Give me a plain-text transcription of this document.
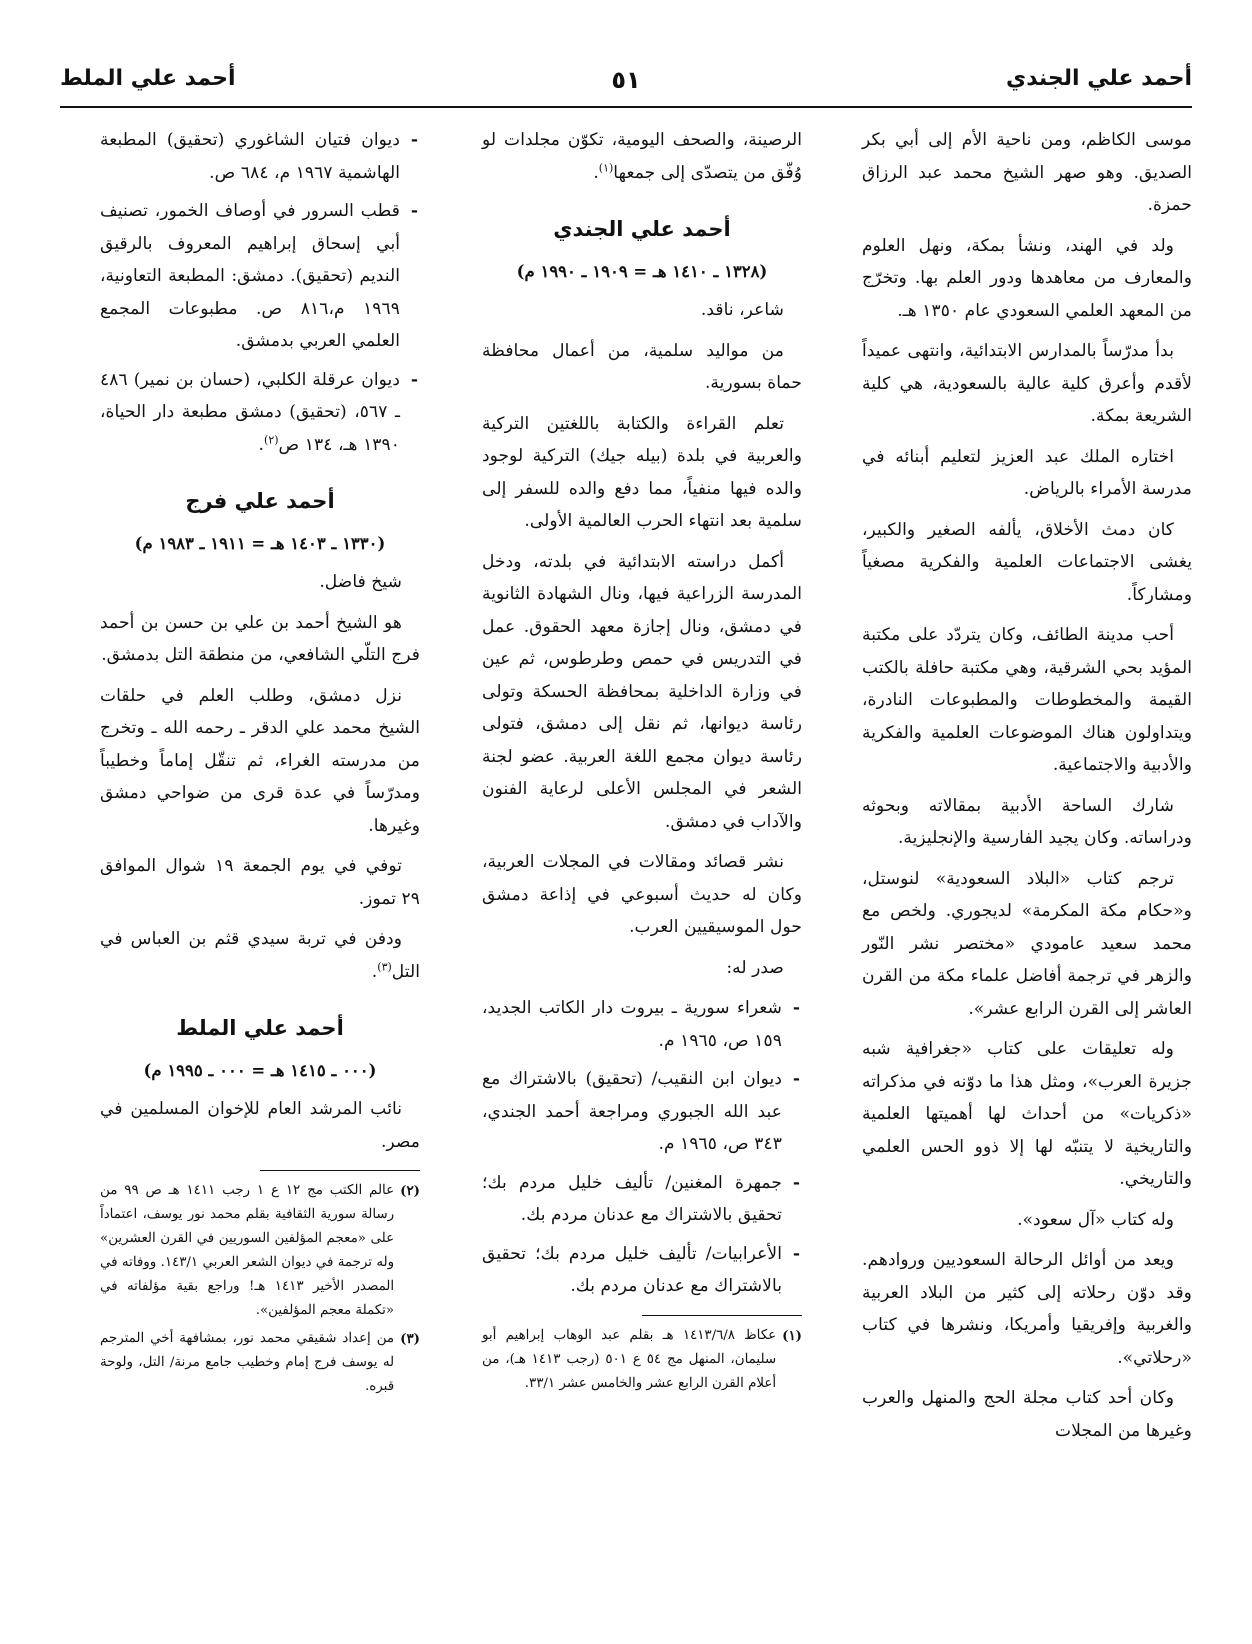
أحمد علي الجندي
٥١
أحمد علي الملط

موسى الكاظم، ومن ناحية الأم إلى أبي بكر الصديق. وهو صهر الشيخ محمد عبد الرزاق حمزة.

ولد في الهند، ونشأ بمكة، ونهل العلوم والمعارف من معاهدها ودور العلم بها. وتخرّج من المعهد العلمي السعودي عام ١٣٥٠ هـ.

بدأ مدرّساً بالمدارس الابتدائية، وانتهى عميداً لأقدم وأعرق كلية عالية بالسعودية، هي كلية الشريعة بمكة.

اختاره الملك عبد العزيز لتعليم أبنائه في مدرسة الأمراء بالرياض.

كان دمث الأخلاق، يألفه الصغير والكبير، يغشى الاجتماعات العلمية والفكرية مصغياً ومشاركاً.

أحب مدينة الطائف، وكان يتردّد على مكتبة المؤيد بحي الشرقية، وهي مكتبة حافلة بالكتب القيمة والمخطوطات والمطبوعات النادرة، ويتداولون هناك الموضوعات العلمية والفكرية والأدبية والاجتماعية.

شارك الساحة الأدبية بمقالاته وبحوثه ودراساته. وكان يجيد الفارسية والإنجليزية.

ترجم كتاب «البلاد السعودية» لنوستل، و«حكام مكة المكرمة» لديجوري. ولخص مع محمد سعيد عامودي «مختصر نشر النّور والزهر في ترجمة أفاضل علماء مكة من القرن العاشر إلى القرن الرابع عشر».

وله تعليقات على كتاب «جغرافية شبه جزيرة العرب»، ومثل هذا ما دوّنه في مذكراته «ذكريات» من أحداث لها أهميتها العلمية والتاريخية لا يتنبّه لها إلا ذوو الحس العلمي والتاريخي.

وله كتاب «آل سعود».

ويعد من أوائل الرحالة السعوديين وروادهم. وقد دوّن رحلاته إلى كثير من البلاد العربية والغربية وإفريقيا وأمريكا، ونشرها في كتاب «رحلاتي».

وكان أحد كتاب مجلة الحج والمنهل والعرب وغيرها من المجلات

الرصينة، والصحف اليومية، تكوّن مجلدات لو وُفّق من يتصدّى إلى جمعها$^{(١)}$.

أحمد علي الجندي
(١٣٢٨ ـ ١٤١٠ هـ = ١٩٠٩ ـ ١٩٩٠ م)

شاعر، ناقد.

من مواليد سلمية، من أعمال محافظة حماة بسورية.

تعلم القراءة والكتابة باللغتين التركية والعربية في بلدة (بيله جيك) التركية لوجود والده فيها منفياً، مما دفع والده للسفر إلى سلمية بعد انتهاء الحرب العالمية الأولى.

أكمل دراسته الابتدائية في بلدته، ودخل المدرسة الزراعية فيها، ونال الشهادة الثانوية في دمشق، ونال إجازة معهد الحقوق. عمل في التدريس في حمص وطرطوس، ثم عين في وزارة الداخلية بمحافظة الحسكة وتولى رئاسة ديوانها، ثم نقل إلى دمشق، فتولى رئاسة ديوان مجمع اللغة العربية. عضو لجنة الشعر في المجلس الأعلى لرعاية الفنون والآداب في دمشق.

نشر قصائد ومقالات في المجلات العربية، وكان له حديث أسبوعي في إذاعة دمشق حول الموسيقيين العرب.

صدر له:

- شعراء سورية ـ بيروت دار الكاتب الجديد، ١٥٩ ص، ١٩٦٥ م.
- ديوان ابن النقيب/ (تحقيق) بالاشتراك مع عبد الله الجبوري ومراجعة أحمد الجندي، ٣٤٣ ص، ١٩٦٥ م.
- جمهرة المغنين/ تأليف خليل مردم بك؛ تحقيق بالاشتراك مع عدنان مردم بك.
- الأعرابيات/ تأليف خليل مردم بك؛ تحقيق بالاشتراك مع عدنان مردم بك.
(١)
عكاظ ١٤١٣/٦/٨ هـ بقلم عبد الوهاب إبراهيم أبو سليمان، المنهل مج ٥٤ ع ٥٠١ (رجب ١٤١٣ هـ)، من أعلام القرن الرابع عشر والخامس عشر ٣٣/١.
- ديوان فتيان الشاغوري (تحقيق) المطبعة الهاشمية ١٩٦٧ م، ٦٨٤ ص.
- قطب السرور في أوصاف الخمور، تصنيف أبي إسحاق إبراهيم المعروف بالرقيق النديم (تحقيق). دمشق: المطبعة التعاونية، ١٩٦٩ م،٨١٦ ص. مطبوعات المجمع العلمي العربي بدمشق.
- ديوان عرقلة الكلبي، (حسان بن نمير) ٤٨٦ ـ ٥٦٧، (تحقيق) دمشق مطبعة دار الحياة، ١٣٩٠ هـ، ١٣٤ ص$^{(٢)}$.
أحمد علي فرج
(١٣٣٠ ـ ١٤٠٣ هـ = ١٩١١ ـ ١٩٨٣ م)

شيخ فاضل.

هو الشيخ أحمد بن علي بن حسن بن أحمد فرج التلّي الشافعي، من منطقة التل بدمشق.

نزل دمشق، وطلب العلم في حلقات الشيخ محمد علي الدقر ـ رحمه الله ـ وتخرج من مدرسته الغراء، ثم تنقّل إماماً وخطيباً ومدرّساً في عدة قرى من ضواحي دمشق وغيرها.

توفي في يوم الجمعة ١٩ شوال الموافق ٢٩ تموز.

ودفن في تربة سيدي قثم بن العباس في التل$^{(٣)}$.

أحمد علي الملط
(٠٠٠ ـ ١٤١٥ هـ = ٠٠٠ ـ ١٩٩٥ م)

نائب المرشد العام للإخوان المسلمين في مصر.

(٢)
عالم الكتب مج ١٢ ع ١ رجب ١٤١١ هـ ص ٩٩ من رسالة سورية الثقافية بقلم محمد نور يوسف، اعتماداً على «معجم المؤلفين السوريين في القرن العشرين» وله ترجمة في ديوان الشعر العربي ١٤٣/١. ووفاته في المصدر الأخير ١٤١٣ هـ! وراجع بقية مؤلفاته في «تكملة معجم المؤلفين».
(٣)
من إعداد شقيقي محمد نور، بمشافهة أخي المترجم له يوسف فرج إمام وخطيب جامع مرنة/ التل، ولوحة قبره.
